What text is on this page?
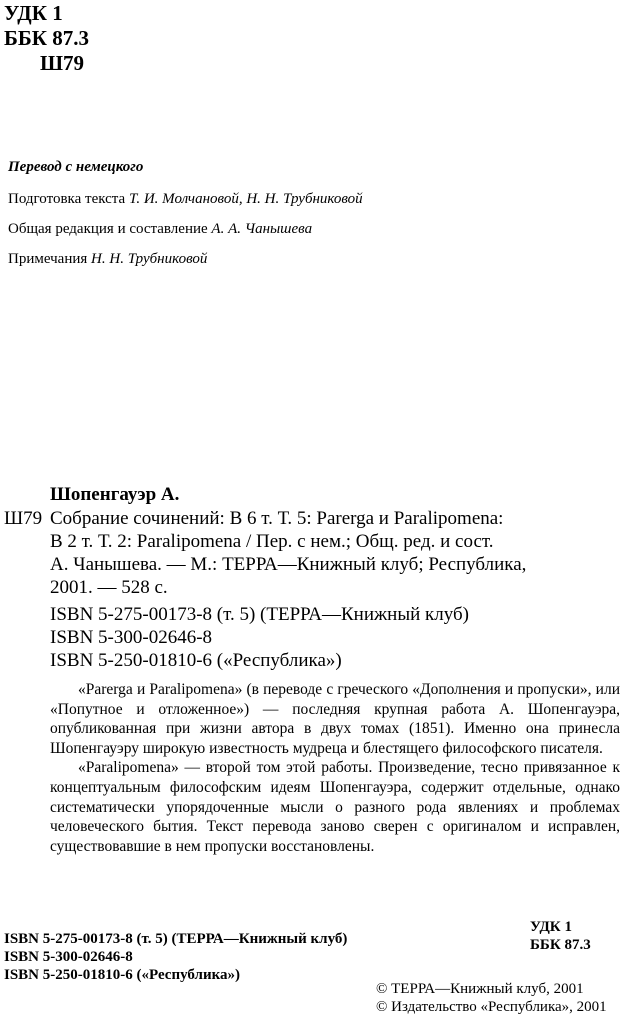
УДК 1
ББК 87.3
Ш79
Перевод с немецкого
Подготовка текста Т. И. Молчановой, Н. Н. Трубниковой
Общая редакция и составление А. А. Чанышева
Примечания Н. Н. Трубниковой
Шопенгауэр А.
Ш79 Собрание сочинений: В 6 т. Т. 5: Parerga и Paralipomena:
В 2 т. Т. 2: Paralipomena / Пер. с нем.; Общ. ред. и сост.
А. Чанышева. — М.: ТЕРРА—Книжный клуб; Республика,
2001. — 528 с.
ISBN 5-275-00173-8 (т. 5) (ТЕРРА—Книжный клуб)
ISBN 5-300-02646-8
ISBN 5-250-01810-6 («Республика»)

«Parerga и Paralipomena» (в переводе с греческого «Дополнения и пропуски», или «Попутное и отложенное») — последняя крупная работа А. Шопенгауэра, опубликованная при жизни автора в двух томах (1851). Именно она принесла Шопенгауэру широкую известность мудреца и блестящего философского писателя.

«Paralipomena» — второй том этой работы. Произведение, тесно привязанное к концептуальным философским идеям Шопенгауэра, содержит отдельные, однако систематически упорядоченные мысли о разного рода явлениях и проблемах человеческого бытия. Текст перевода заново сверен с оригиналом и исправлен, существовавшие в нем пропуски восстановлены.

УДК 1
ББК 87.3
ISBN 5-275-00173-8 (т. 5) (ТЕРРА—Книжный клуб)
ISBN 5-300-02646-8
ISBN 5-250-01810-6 («Республика»)
© ТЕРРА—Книжный клуб, 2001
© Издательство «Республика», 2001
